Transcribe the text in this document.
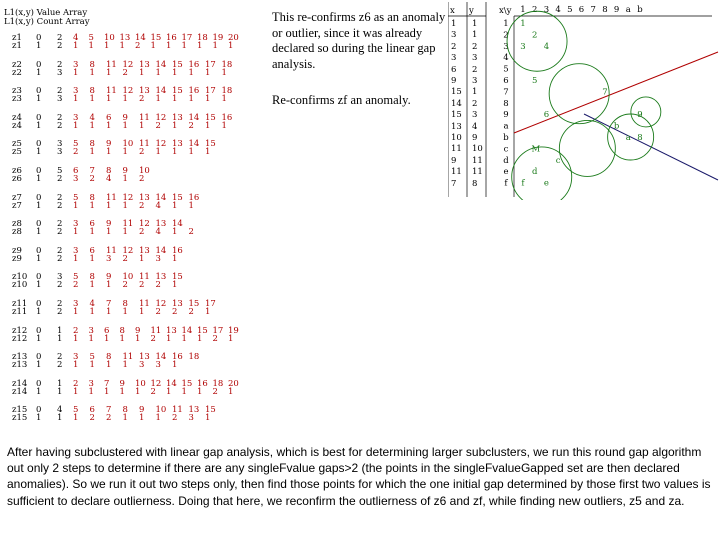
L1(x,y) Value Array
L1(x,y) Count Array
z1
z1
0 2
1 2
4 5 10 13 14 15 16 17 18 19 20
1 1 1 1 2 1 1 1 1 1 1
z2
z2
0 2
1 3
3 8 11 12 13 14 15 16 17 18
1 1 1 2 1 1 1 1 1 1
z3
z3
0 2
1 3
3 8 11 12 13 14 15 16 17 18
1 1 1 1 2 1 1 1 1 1
z4
z4
0 2
1 2
3 4 6 9 11 12 13 14 15 16
1 1 1 1 1 2 1 2 1 1
z5
z5
0 3
1 3
5 8 9 10 11 12 13 14 15
2 1 1 1 2 1 1 1 1
z6
z6
0 5
1 2
6 7 8 9 10
3 2 4 1 2
z7
z7
0 2
1 2
5 8 11 12 13 14 15 16
1 1 1 1 2 4 1 1
z8
z8
0 2
1 2
3 6 9 11 12 13 14
1 1 1 1 2 4 1 2
z9
z9
0 2
1 2
3 6 11 12 13 14 16
1 1 3 2 1 3 1
z10
z10
0 3
1 2
5 8 9 10 11 13 15
2 1 1 2 2 2 1
z11
z11
0 2
1 2
3 4 7 8 11 12 13 15 17
1 1 1 1 1 2 2 2 1
z12
z12
0 1
1 1
2 3 6 8 9 11 13 14 15 17 19
1 1 1 1 1 2 1 1 1 2 1
z13
z13
0 2
1 2
3 5 8 11 13 14 16 18
1 1 1 1 3 3 1
z14
z14
0 1
1 1
2 3 7 9 10 12 14 15 16 18 20
1 1 1 1 1 2 1 1 1 2 1
z15
z15
0 4
1 1
5 6 7 8 9 10 11 13 15
1 2 2 1 1 1 2 3 1
This re-confirms z6 as an anomaly or outlier, since it was already declared so during the linear gap analysis.
Re-confirms zf an anomaly.
x y
1 1
3 1
2 2
3 3
6 2
9 3
15 1
14 2
15 3
13 4
10 9
11 10
9 11
11 11
7 8
x\y 1 2 3 4 5 6 7 8 9 a b
1
2
3
4
5
6
7
8
9
a
b
c
d
e
f
1
3
2
4
5
6
f
d
M
e
c
b
a
9
8
7
After having subclustered with linear gap analysis, which is best for determining larger subclusters, we run this round gap algorithm out only 2 steps to determine if there are any singleFvalue gaps>2 (the points in the singleFvalueGapped set are then declared anomalies). So we run it out two steps only, then find those points for which the one initial gap determined by those first two values is sufficient to declare outlierness. Doing that here, we reconfirm the outlierness of z6 and zf, while finding new outliers, z5 and za.
